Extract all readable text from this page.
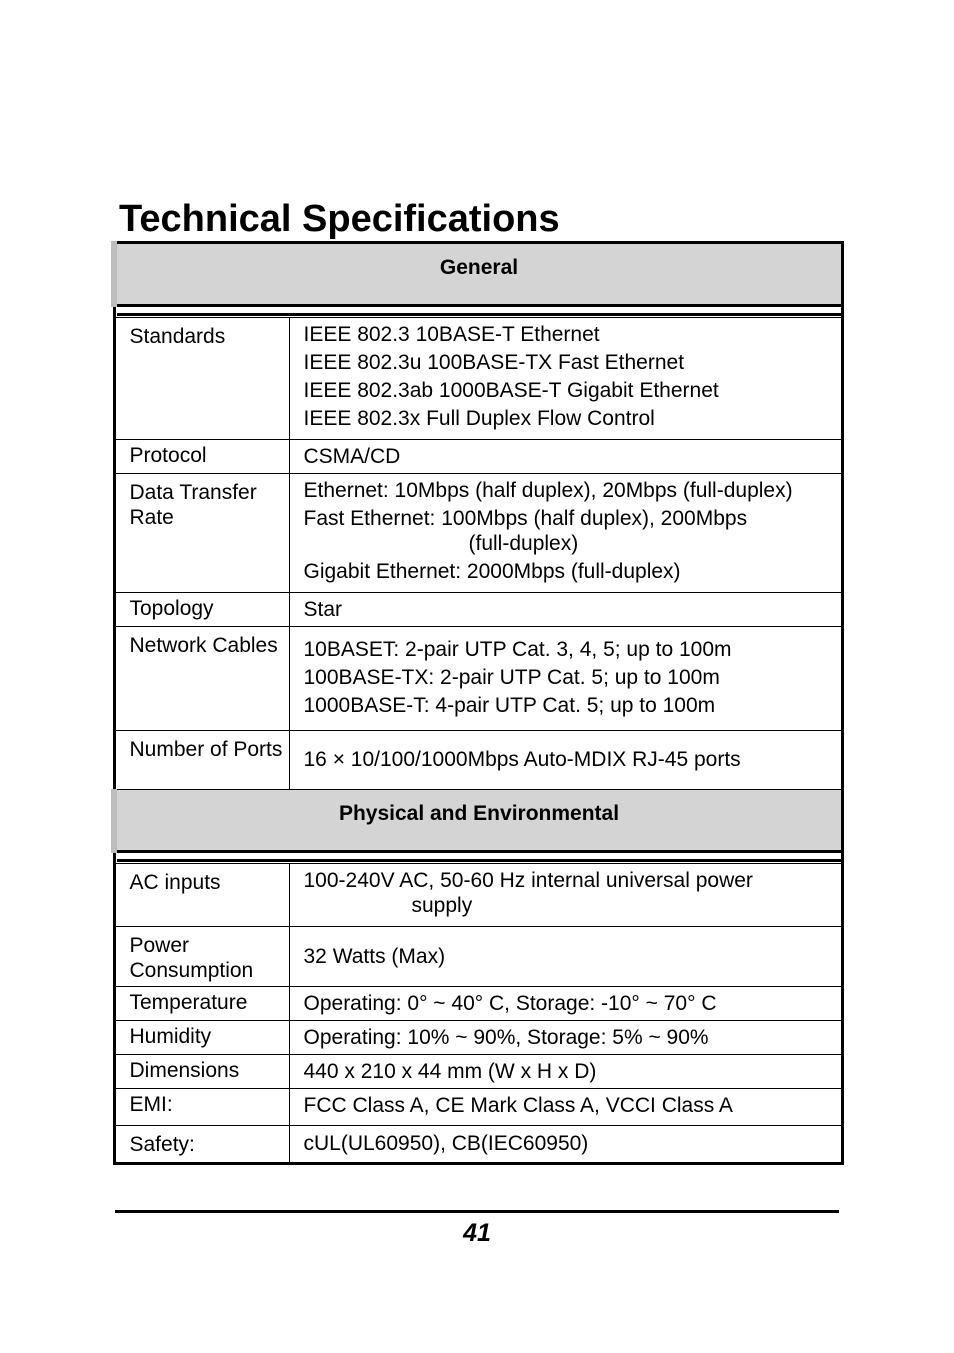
Technical Specifications
General	

Standards	IEEE 802.3 10BASE-T Ethernet
IEEE 802.3u 100BASE-TX Fast Ethernet
IEEE 802.3ab 1000BASE-T Gigabit Ethernet
IEEE 802.3x Full Duplex Flow Control

Protocol	CSMA/CD
Data Transfer Rate	Ethernet: 10Mbps (half duplex), 20Mbps (full-duplex)
Fast Ethernet: 100Mbps (half duplex), 200Mbps
(full-duplex)
Gigabit Ethernet: 2000Mbps (full-duplex)

Topology	Star
Network Cables	10BASET: 2-pair UTP Cat. 3, 4, 5; up to 100m
100BASE-TX: 2-pair UTP Cat. 5; up to 100m
1000BASE-T: 4-pair UTP Cat. 5; up to 100m

Number of Ports	16 × 10/100/1000Mbps Auto-MDIX RJ-45 ports
Physical and Environmental	

AC inputs	100-240V AC, 50-60 Hz internal universal power
supply

Power Consumption	32 Watts (Max)
Temperature	Operating: 0° ~ 40° C, Storage: -10° ~ 70° C
Humidity	Operating: 10% ~ 90%, Storage: 5% ~ 90%
Dimensions	440 x 210 x 44 mm (W x H x D)
EMI:	FCC Class A, CE Mark Class A, VCCI Class A
Safety:	cUL(UL60950), CB(IEC60950)
41
